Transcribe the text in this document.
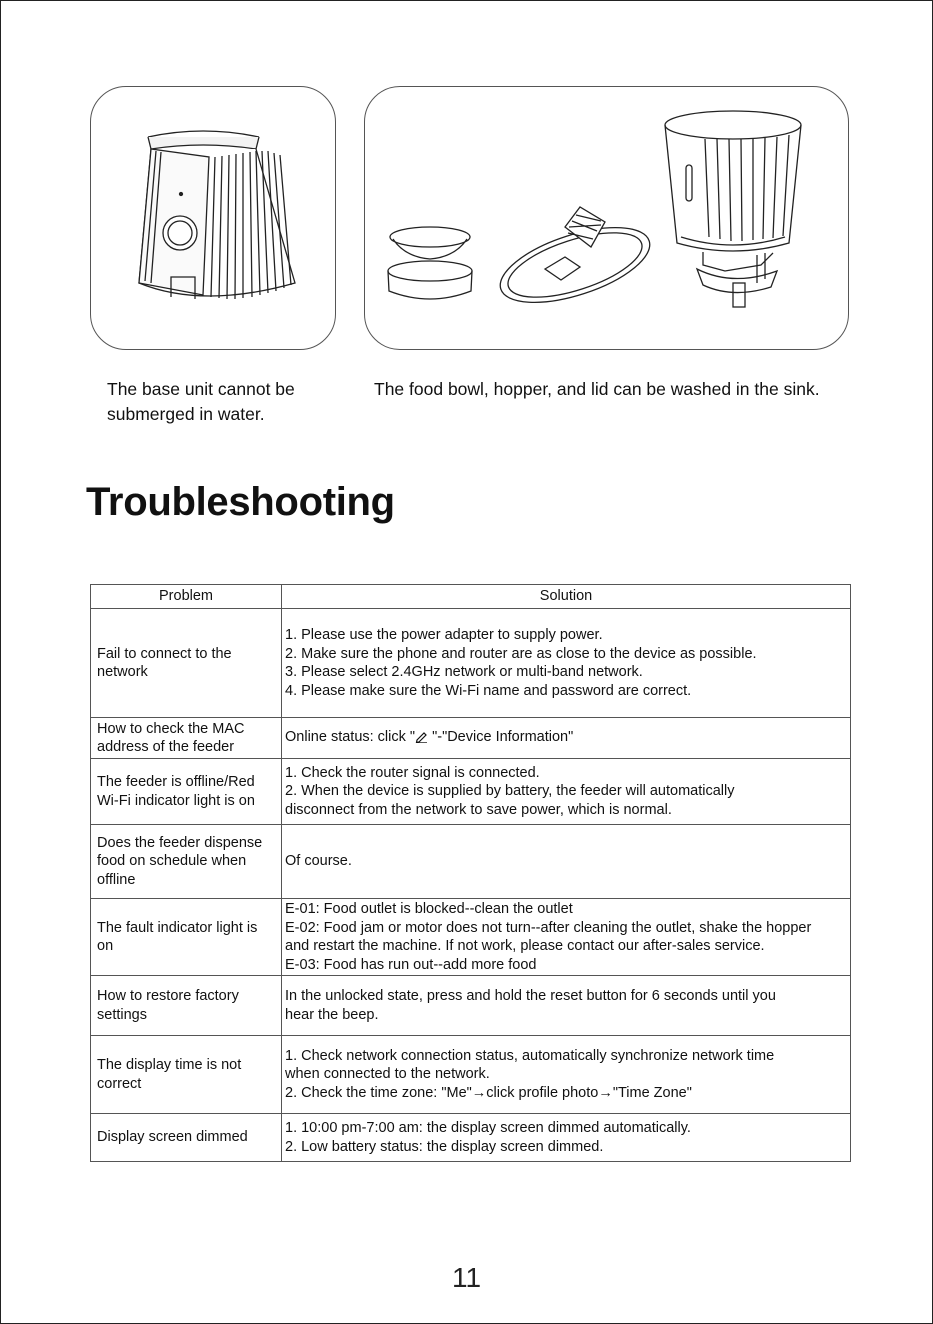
The base unit cannot be submerged in water.
The food bowl, hopper, and lid can be washed in the sink.
Troubleshooting
Problem	Solution
Fail to connect to the network	1. Please use the power adapter to supply power.
2. Make sure the phone and router are as close to the device as possible.
3. Please select 2.4GHz network or multi-band network.
4. Please make sure the Wi-Fi name and password are correct.

How to check the MAC address of the feeder	Online status: click " "-"Device Information"
The feeder is offline/Red Wi-Fi indicator light is on	1. Check the router signal is connected.
2. When the device is supplied by battery, the feeder will automatically
disconnect from the network to save power, which is normal.

Does the feeder dispense food on schedule when offline	Of course.

The fault indicator light is on	E-01: Food outlet is blocked--clean the outlet
E-02: Food jam or motor does not turn--after cleaning the outlet, shake the hopper
and restart the machine. If not work, please contact our after-sales service.
E-03: Food has run out--add more food

How to restore factory settings	In the unlocked state, press and hold the reset button for 6 seconds until you
hear the beep.

The display time is not correct	1. Check network connection status, automatically synchronize network time
when connected to the network.
2. Check the time zone: "Me"→click profile photo→"Time Zone"

Display screen dimmed	1. 10:00 pm-7:00 am: the display screen dimmed automatically.
2. Low battery status: the display screen dimmed.
11
